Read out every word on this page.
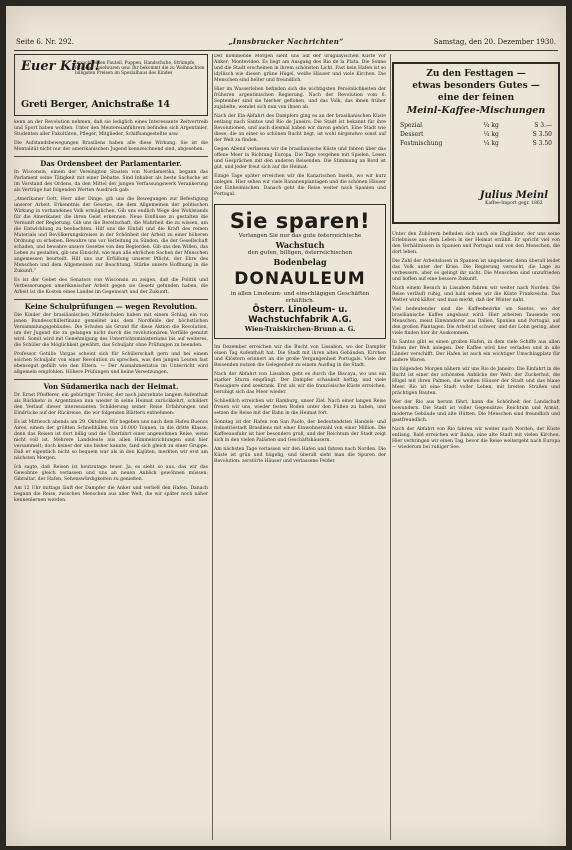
Seite 6. Nr. 292.	„Innsbrucker Nachrichten“	Samstag, den 20. Dezember 1930.
Euer Kind!
braucht einen Fauteil, Puppen, Handschuhe, Strümpfe, Pullover. Spielwaren usw. Ihr bekommt die zu Weihnachten billigsten Preisen im Spezialhaus des Kindes
Greti Berger, Anichstraße 14

kenn an der Revolution nehmen, daß sie lediglich eines Interessante Zeitvertreib und Sport haben wollten. Unter den Meutereianführern befinden sich Argentinier, Studenten aller Fakultäten, Pfleger, Mitglieder, Schiffsangestellte usw.

Die Aufstandsbewegungen Brasiliens haben alle diese Wirkung. Sie ist die Mentalität nicht nur der amerikanischen Jugend kennzeichnend sind, abgesehen.

Das Ordensbeet der Parlamentarier.

In Wisconsin, einem der Vereinigten Staaten von Nordamerika, begann das Parlament seine Tätigkeit mit einer Debatte. Sind Inhaber als beste Sachsche ist im Vorstand des Ordens, da den Mittel der jungen Verfassungswerk Verankerung als Verträge hat folgenden Worten Ausdruck gab:

„Amerikaner Gott, Herr aller Dinge, gib uns die Bewegungen zur Befestigung unserer Arbeit. Erkenntnis der Gesetze, die dem Allgemeinen der politischen Wirkung in vorhandenes Volk ermöglichen. Gib uns endlich Wege des Wohlstands für die Amerikaner, die ihren Geist erkennen. Neue Einflüsse zu gestalten die Vernunft der Regierung. Gib uns die Bereitschaft, die Wahrheit die zu wissen, um die Entwicklung zu beobachten. Hilf uns die Einfalt und die Kraft des reinen Materials und Bevölkerungskreises in der Schönheit der Arbeit zu einer höheren Ordnung zu erheben. Bewahre uns vor Verleitung zu Sünden, die der Gesellschaft schaden, und bewahre unsere Gesetze von den Begierden. Gib uns den Willen, das Leben zu gestalten, gib uns Einsicht, wie man alle ehrlichen Sachen der Menschen angemessen beurteilt. Hilf uns zur Erfüllung unserer Pflicht, der Ehre des Menschen und dem Allgemeinen zur Beachtung. Stärke unsere Hoffnung in die Zukunft.“

Es ist der Gebet des Senators von Wisconsin zu zeigen, daß die Politik und Verbesserungen amerikanischer Arbeit gegen sie Gesetz gefunden haben, die Arbeit ist die Kosten eines Landes im Gegenwart und der Zukunft.

Keine Schulprüfungen — wegen Revolution.

Die Kinder der brasilianischen Mittelschulen haben mit einem Schlag ein von jenen Bundesschülerfinanz gemeldet aus dem Nordfelde der höchstlichen Versammlungsgebäudes. Die Schulen als Grund für diese Aktion die Revolution, um der Jugend die zu gelangen nicht durch die revolutionären Vorfälle genutzt wird. Somit wird mit Genehmigung des Unterrichtsministeriums bis auf weiteres, die Schüler die Möglichkeit gewährt, das Schuljahr ohne Prüfungen zu beenden.

Professor Getúlio Vargas scheint sich für Schülerschaft gern und bei einem solchen Schuljahr von einer Revolution zu sprechen, was den jungen Leuten fast ebensogut gefällt wie den Eltern. — Der Ausnahmestatus im Unterricht wird allgemein empfohlen. Höhere Prüfungen und keine Versetzungen.

Von Südamerika nach der Heimat.

Dr. Ernst Pfeifferer, ein gebürtiger Tiroler, der nach jahrzehnte langem Aufenthalt als Rückkehr in Argentinien nun wieder in seine Heimat zurückkehrt, schildert den Verlauf dieser interessanten Schilderung seiner Reise Erfahrungen und Eindrücke auf der Rückreise, die wir folgenden Blättern entnehmen:

Es ist Mittwoch abends am 29. Oktober. Wir begeben uns nach dem Hafen Buenos Aires, einem der größten Schnellhäfen von 20.000 Tonnen, in die dritte Klasse, denn das Reisen ist dort billig und die Überfahrt einer angenehmen Reise, wenn nicht voll ist. Mehrere Landsleute aus allen Himmelsrichtungen sind hier versammelt; doch keiner der uns bisher kannte, fand sich gleich zu einer Gruppe. Daß er eigentlich nicht so bequem war als in den Kajüten, merkten wir erst am nächsten Morgen.

Ich sagte, daß Reisen ist heutzutage teuer. Ja, es sieht so aus, das wir das Gewohnte gleich verlassen und uns an neuen Anblick gewöhnen müssen; Gibraltar, der Hafen, Sehenswürdigkeiten zu genießen.

Am 12 Uhr mittags läuft der Dampfer die Anker und verließ den Hafen. Danach begann die Reise, zwischen Menschen aus aller Welt, die wir später noch näher kennenlernen werden.

Der kommende Morgen sieht uns auf der uruguayischen Küste vor Anker; Montevideo. Es liegt am Ausgang des Rio de la Plata. Die Sonne und die Stadt erscheinen in ihrem schönsten Licht. Fast kein Hafen ist so idyllisch wie dieser: grüne Hügel, weiße Häuser und viele Kirchen. Die Menschen sind heiter und freundlich.

Hier im Wasserleben befinden sich die wichtigsten Persönlichkeiten der früheren argentinischen Regierung. Nach der Revolution vom 6. September sind sie hierher geflohen, und das Volk, das ihnen früher zujubelte, wendet sich nun von ihnen ab.

Nach der Ein-Abfahrt des Dampfers ging es an der brasilianischen Küste entlang nach Santos und Rio de Janeiro. Die Stadt ist bekannt für ihre Revolutionen, und auch diesmal haben wir davon gehört. Eine Stadt wie diese, die an einer so schönen Bucht liegt, ist wohl nirgendwo sonst auf der Welt zu finden.

Gegen Abend verlassen wir die brasilianische Küste und fahren über das offene Meer in Richtung Europa. Die Tage vergehen mit Spielen, Lesen und Gesprächen mit den anderen Reisenden. Die Stimmung an Bord ist gut, und jeder freut sich auf die Heimat.

Einige Tage später erreichen wir die Kanarischen Inseln, wo wir kurz anlegen. Hier sehen wir viele Bananenplantagen und die schönen Häuser der Einheimischen. Danach geht die Reise weiter nach Spanien und Portugal.

Sie sparen!
Verlangen Sie nur das gute österreichische
Wachstuch
den guten, billigen, österreichischen
Bodenbelag
DONAULEUM
in allen Linoleum- und einschlägigen Geschäften erhältlich.
Österr. Linoleum- u. Wachstuchfabrik A.G.
Wien-Traiskirchen-Brunn a. G.

Im Dezember erreichen wir die Bucht von Lissabon, wo der Dampfer einen Tag Aufenthalt hat. Die Stadt mit ihren alten Gebäuden, Kirchen und Klöstern erinnert an die große Vergangenheit Portugals. Viele der Reisenden nutzen die Gelegenheit zu einem Ausflug in die Stadt.

Nach der Abfahrt von Lissabon geht es durch die Biscaya, wo uns ein starker Sturm empfängt. Der Dampfer schaukelt heftig, und viele Passagiere sind seekrank. Erst als wir die französische Küste erreichen, beruhigt sich das Meer wieder.

Schließlich erreichen wir Hamburg, unser Ziel. Nach einer langen Reise freuen wir uns, wieder festen Boden unter den Füßen zu haben, und setzen die Reise mit der Bahn in die Heimat fort.

Sonntag ist der Hafen von San Paolo, der bedeutendsten Handels- und Industriestadt Brasiliens mit einer Einwohnerzahl von einer Million. Die Kaffeeausfuhr ist hier besonders groß, und der Reichtum der Stadt zeigt sich in den vielen Palästen und Geschäftshäusern.

Am nächsten Tage verlassen wir den Hafen und fahren nach Norden. Die Küste ist grün und hügelig, und überall sieht man die Spuren der Revolution: zerstörte Häuser und verlassene Felder.

Zu den Festtagen —
etwas besonders Gutes —
eine der feinen
Meinl-Kaffee-Mischungen
Spezial	¼ kg	S 3.—
Dessert	¼ kg	S 3.50
Festmischung	¼ kg	S 3.50
Julius Meinl
Kaffee-Import gegr. 1862

Unter den Zuhörern befinden sich auch ein Engländer, der uns seine Erlebnisse aus dem Leben in der Heimat erzählt. Er spricht viel von den Verhältnissen in Spanien und Portugal und von den Menschen, die dort leben.

Die Zahl der Arbeitslosen in Spanien ist ungeheuer, denn überall leidet das Volk unter der Krise. Die Regierung versucht, die Lage zu verbessern, aber es gelingt ihr nicht. Die Menschen sind unzufrieden und hoffen auf eine bessere Zukunft.

Nach einem Besuch in Lissabon fahren wir weiter nach Norden. Die Reise verläuft ruhig, und bald sehen wir die Küste Frankreichs. Das Wetter wird kälter, und man merkt, daß der Winter naht.

Viel bedeutender sind die Kaffeebezirke um Santos, wo der brasilianische Kaffee angebaut wird. Hier arbeiten Tausende von Menschen, meist Einwanderer aus Italien, Spanien und Portugal, auf den großen Plantagen. Die Arbeit ist schwer, und der Lohn gering, aber viele finden hier ihr Auskommen.

In Santos gibt es einen großen Hafen, in dem viele Schiffe aus allen Teilen der Welt anlegen. Der Kaffee wird hier verladen und in alle Länder verschifft. Der Hafen ist auch ein wichtiger Umschlagplatz für andere Waren.

Im folgenden Morgen nähern wir uns Rio de Janeiro. Die Einfahrt in die Bucht ist einer der schönsten Anblicke der Welt: der Zuckerhut, die Hügel mit ihren Palmen, die weißen Häuser der Stadt und das blaue Meer. Rio ist eine Stadt voller Leben, mit breiten Straßen und prächtigen Bauten.

Wer der Rio aus herum fährt, kann die Schönheit der Landschaft bewundern. Die Stadt ist voller Gegensätze: Reichtum und Armut, moderne Gebäude und alte Hütten. Die Menschen sind freundlich und gastfreundlich.

Nach der Abfahrt von Rio fahren wir weiter nach Norden, der Küste entlang. Bald erreichen wir Bahia, eine alte Stadt mit vielen Kirchen. Hier verbringen wir einen Tag, bevor die Reise weitergeht nach Europa — wiederum bei ruhiger See.
